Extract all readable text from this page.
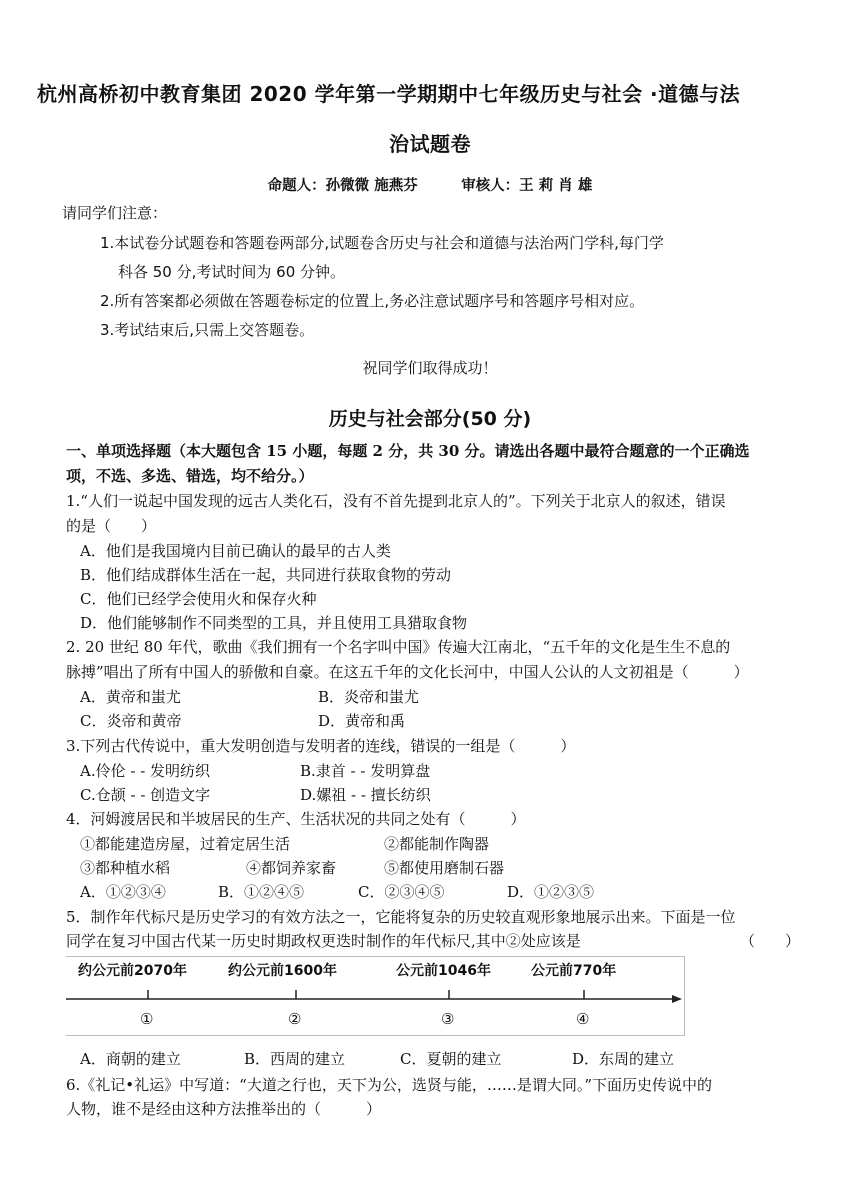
杭州高桥初中教育集团 2020 学年第一学期期中七年级历史与社会 ·道德与法
治试题卷
命题人：孙微微 施燕芬　　　审核人：王 莉 肖 雄
请同学们注意：
1.本试卷分试题卷和答题卷两部分,试题卷含历史与社会和道德与法治两门学科,每门学
科各 50 分,考试时间为 60 分钟。
2.所有答案都必须做在答题卷标定的位置上,务必注意试题序号和答题序号相对应。
3.考试结束后,只需上交答题卷。
祝同学们取得成功！
历史与社会部分(50 分)
一、单项选择题（本大题包含 15 小题，每题 2 分，共 30 分。请选出各题中最符合题意的一个正确选
项，不选、多选、错选，均不给分。）
1.“人们一说起中国发现的远古人类化石，没有不首先提到北京人的”。下列关于北京人的叙述，错误
的是（　　）
A．他们是我国境内目前已确认的最早的古人类
B．他们结成群体生活在一起，共同进行获取食物的劳动
C．他们已经学会使用火和保存火种
D．他们能够制作不同类型的工具，并且使用工具猎取食物
2. 20 世纪 80 年代，歌曲《我们拥有一个名字叫中国》传遍大江南北，“五千年的文化是生生不息的
脉搏”唱出了所有中国人的骄傲和自豪。在这五千年的文化长河中，中国人公认的人文初祖是（　　　）
A．黄帝和蚩尤	B．炎帝和蚩尤
C．炎帝和黄帝	D．黄帝和禹
3.下列古代传说中，重大发明创造与发明者的连线，错误的一组是（　　　）
A.伶伦 - - 发明纺织	B.隶首 - - 发明算盘
C.仓颉 - - 创造文字	D.嫘祖 - - 擅长纺织
4．河姆渡居民和半坡居民的生产、生活状况的共同之处有（　　　）
①都能建造房屋，过着定居生活	②都能制作陶器
③都种植水稻	④都饲养家畜	⑤都使用磨制石器
A．①②③④	B．①②④⑤	C．②③④⑤	D．①②③⑤
5．制作年代标尺是历史学习的有效方法之一，它能将复杂的历史较直观形象地展示出来。下面是一位
同学在复习中国古代某一历史时期政权更迭时制作的年代标尺,其中②处应该是	（　　）
约公元前2070年	约公元前1600年	公元前1046年	公元前770年
①	②	③	④
A．商朝的建立	B．西周的建立	C．夏朝的建立	D．东周的建立
6.《礼记•礼运》中写道：“大道之行也，天下为公，选贤与能，……是谓大同。”下面历史传说中的
人物，谁不是经由这种方法推举出的（　　　）
